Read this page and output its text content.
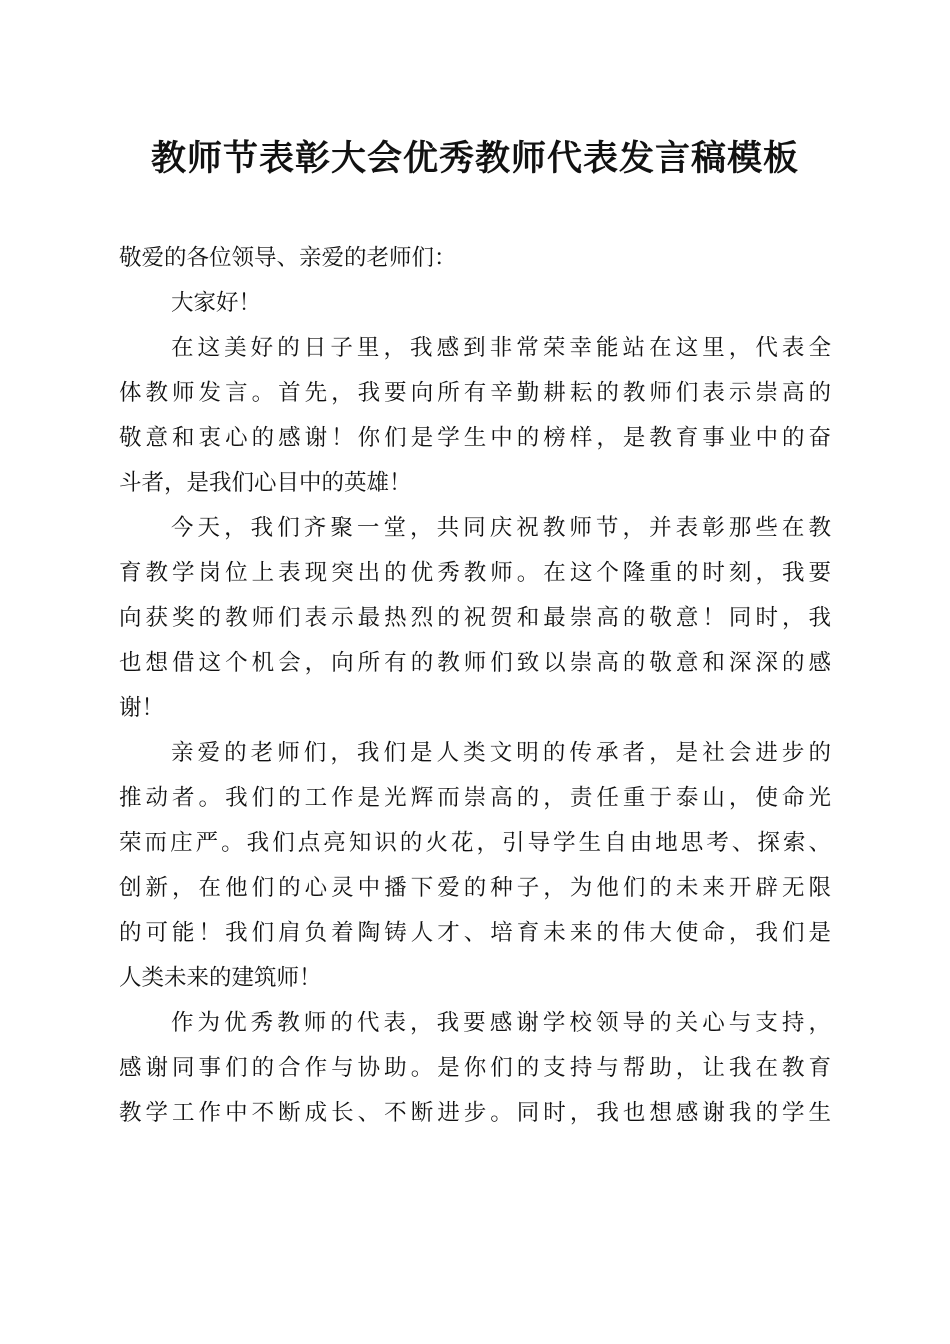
教师节表彰大会优秀教师代表发言稿模板
敬爱的各位领导、亲爱的老师们：
大家好！
在这美好的日子里，我感到非常荣幸能站在这里，代表全
体教师发言。首先，我要向所有辛勤耕耘的教师们表示崇高的
敬意和衷心的感谢！你们是学生中的榜样，是教育事业中的奋
斗者，是我们心目中的英雄！
今天，我们齐聚一堂，共同庆祝教师节，并表彰那些在教
育教学岗位上表现突出的优秀教师。在这个隆重的时刻，我要
向获奖的教师们表示最热烈的祝贺和最崇高的敬意！同时，我
也想借这个机会，向所有的教师们致以崇高的敬意和深深的感
谢！
亲爱的老师们，我们是人类文明的传承者，是社会进步的
推动者。我们的工作是光辉而崇高的，责任重于泰山，使命光
荣而庄严。我们点亮知识的火花，引导学生自由地思考、探索、
创新，在他们的心灵中播下爱的种子，为他们的未来开辟无限
的可能！我们肩负着陶铸人才、培育未来的伟大使命，我们是
人类未来的建筑师！
作为优秀教师的代表，我要感谢学校领导的关心与支持，
感谢同事们的合作与协助。是你们的支持与帮助，让我在教育
教学工作中不断成长、不断进步。同时，我也想感谢我的学生
